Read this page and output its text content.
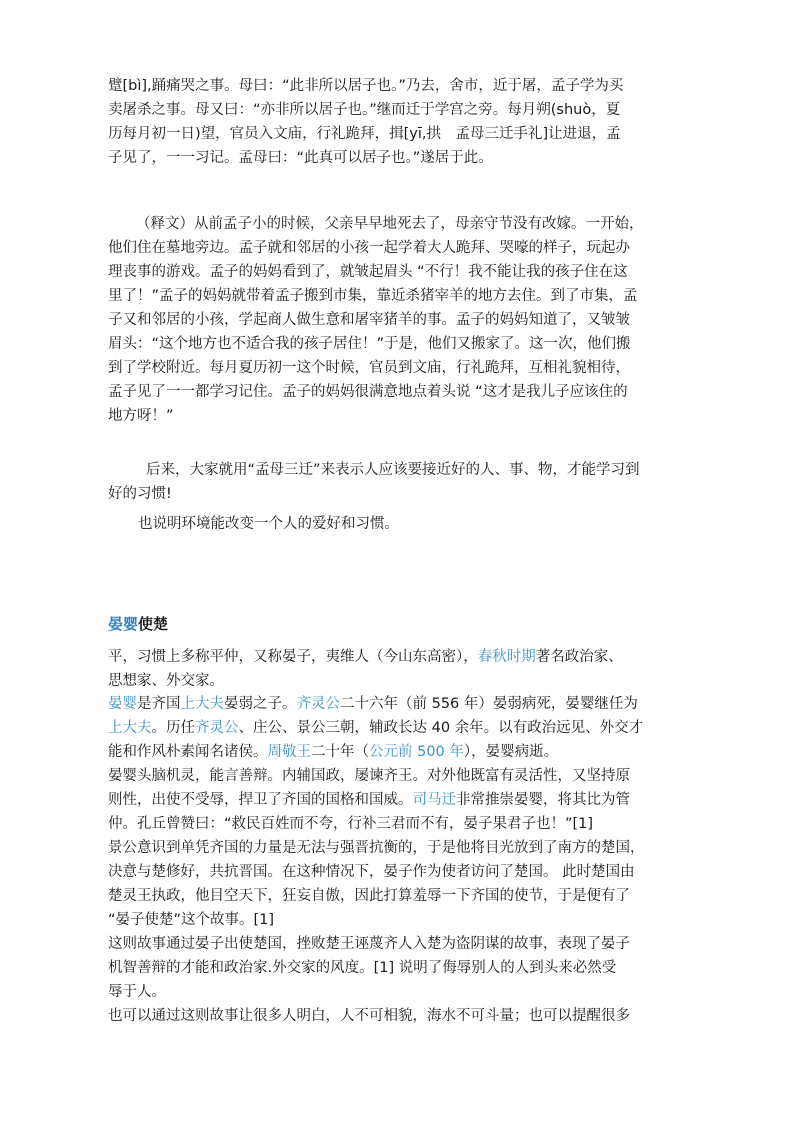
躄[bì],踊痛哭之事。母曰：“此非所以居子也。”乃去，舍市，近于屠，孟子学为买
卖屠杀之事。母又曰：“亦非所以居子也。”继而迁于学宫之旁。每月朔(shuò，夏
历每月初一日)望，官员入文庙，行礼跪拜，揖[yī,拱　孟母三迁手礼]让进退，孟
子见了，一一习记。孟母曰：“此真可以居子也。”遂居于此。
（释文）从前孟子小的时候，父亲早早地死去了，母亲守节没有改嫁。一开始，
他们住在墓地旁边。孟子就和邻居的小孩一起学着大人跪拜、哭嚎的样子，玩起办
理丧事的游戏。孟子的妈妈看到了，就皱起眉头 “不行！我不能让我的孩子住在这
里了！”孟子的妈妈就带着孟子搬到市集，靠近杀猪宰羊的地方去住。到了市集，孟
子又和邻居的小孩，学起商人做生意和屠宰猪羊的事。孟子的妈妈知道了，又皱皱
眉头：“这个地方也不适合我的孩子居住！”于是，他们又搬家了。这一次，他们搬
到了学校附近。每月夏历初一这个时候，官员到文庙，行礼跪拜，互相礼貌相待，
孟子见了一一都学习记住。孟子的妈妈很满意地点着头说 “这才是我儿子应该住的
地方呀！”
后来，大家就用“孟母三迁”来表示人应该要接近好的人、事、物，才能学习到
好的习惯!
也说明环境能改变一个人的爱好和习惯。
晏婴使楚
平，习惯上多称平仲，又称晏子，夷维人（今山东高密），春秋时期著名政治家、
思想家、外交家。
晏婴是齐国上大夫晏弱之子。齐灵公二十六年（前 556 年）晏弱病死，晏婴继任为
上大夫。历任齐灵公、庄公、景公三朝，辅政长达 40 余年。以有政治远见、外交才
能和作风朴素闻名诸侯。周敬王二十年（公元前 500 年），晏婴病逝。
晏婴头脑机灵，能言善辩。内辅国政，屡谏齐王。对外他既富有灵活性，又坚持原
则性，出使不受辱，捍卫了齐国的国格和国威。司马迁非常推崇晏婴，将其比为管
仲。孔丘曾赞曰：“救民百姓而不夸，行补三君而不有，晏子果君子也！”[1]
景公意识到单凭齐国的力量是无法与强晋抗衡的，于是他将目光放到了南方的楚国，
决意与楚修好，共抗晋国。在这种情况下，晏子作为使者访问了楚国。 此时楚国由
楚灵王执政，他目空天下，狂妄自傲，因此打算羞辱一下齐国的使节，于是便有了
“晏子使楚”这个故事。[1]
这则故事通过晏子出使楚国，挫败楚王诬蔑齐人入楚为盗阴谋的故事，表现了晏子
机智善辩的才能和政治家.外交家的风度。[1] 说明了侮辱别人的人到头来必然受
辱于人。
也可以通过这则故事让很多人明白，人不可相貌，海水不可斗量；也可以提醒很多
